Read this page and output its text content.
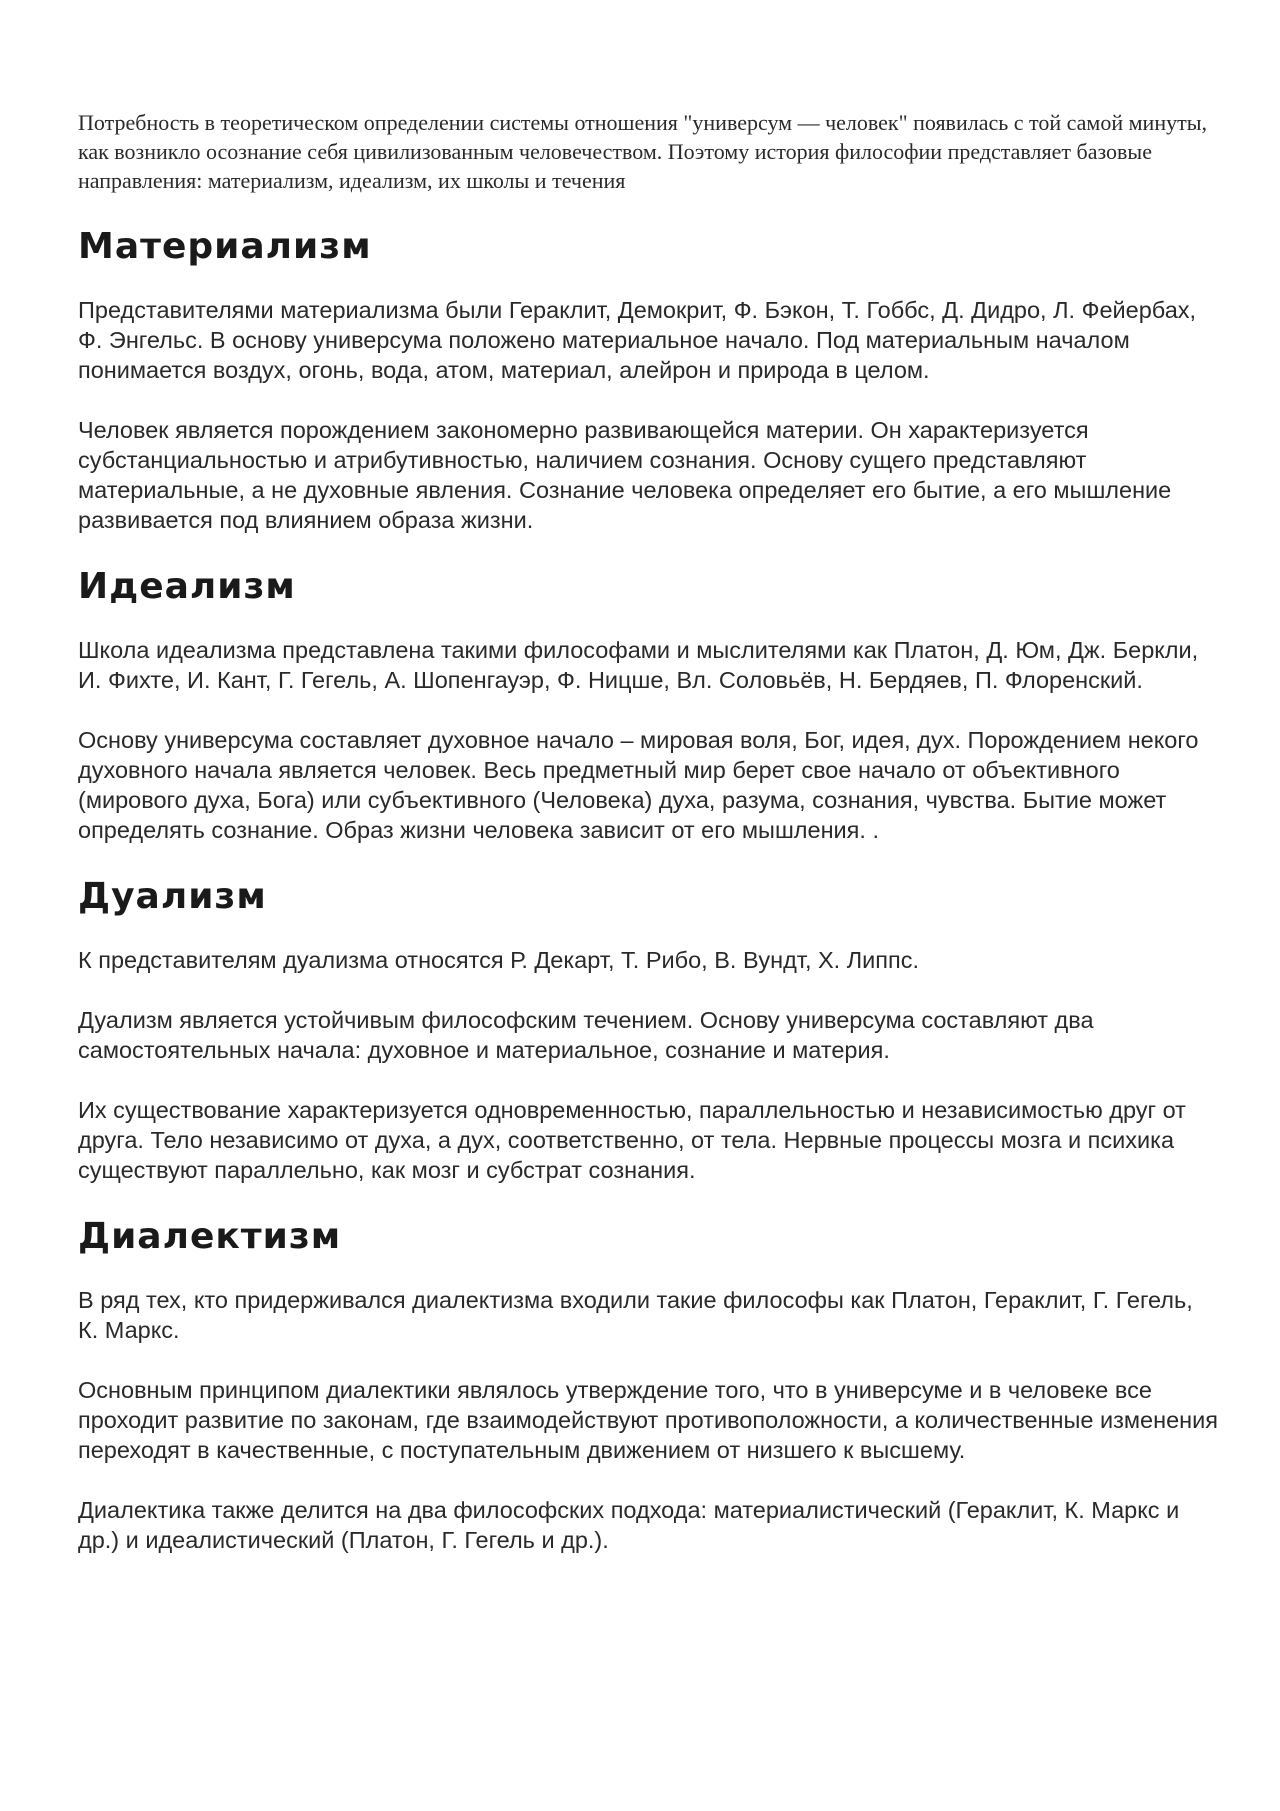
Потребность в теоретическом определении системы отношения "универсум — человек" появилась с той самой минуты, как возникло осознание себя цивилизованным человечеством. Поэтому история философии представляет базовые направления: материализм, идеализм, их школы и течения

Материализм

Представителями материализма были Гераклит, Демокрит, Ф. Бэкон, Т. Гоббс, Д. Дидро, Л. Фейербах, Ф. Энгельс. В основу универсума положено материальное начало. Под материальным началом понимается воздух, огонь, вода, атом, материал, алейрон и природа в целом.

Человек является порождением закономерно развивающейся материи. Он характеризуется субстанциальностью и атрибутивностью, наличием сознания. Основу сущего представляют материальные, а не духовные явления. Сознание человека определяет его бытие, а его мышление развивается под влиянием образа жизни.

Идеализм

Школа идеализма представлена такими философами и мыслителями как Платон, Д. Юм, Дж. Беркли, И. Фихте, И. Кант, Г. Гегель, А. Шопенгауэр, Ф. Ницше, Вл. Соловьёв, Н. Бердяев, П. Флоренский.

Основу универсума составляет духовное начало – мировая воля, Бог, идея, дух. Порождением некого духовного начала является человек. Весь предметный мир берет свое начало от объективного (мирового духа, Бога) или субъективного (Человека) духа, разума, сознания, чувства. Бытие может определять сознание. Образ жизни человека зависит от его мышления. .

Дуализм

К представителям дуализма относятся Р. Декарт, Т. Рибо, В. Вундт, Х. Липпс.

Дуализм является устойчивым философским течением. Основу универсума составляют два самостоятельных начала: духовное и материальное, сознание и материя.

Их существование характеризуется одновременностью, параллельностью и независимостью друг от друга. Тело независимо от духа, а дух, соответственно, от тела. Нервные процессы мозга и психика существуют параллельно, как мозг и субстрат сознания.

Диалектизм

В ряд тех, кто придерживался диалектизма входили такие философы как Платон, Гераклит, Г. Гегель, К. Маркс.

Основным принципом диалектики являлось утверждение того, что в универсуме и в человеке все проходит развитие по законам, где взаимодействуют противоположности, а количественные изменения переходят в качественные, с поступательным движением от низшего к высшему.

Диалектика также делится на два философских подхода: материалистический (Гераклит, К. Маркс и др.) и идеалистический (Платон, Г. Гегель и др.).
